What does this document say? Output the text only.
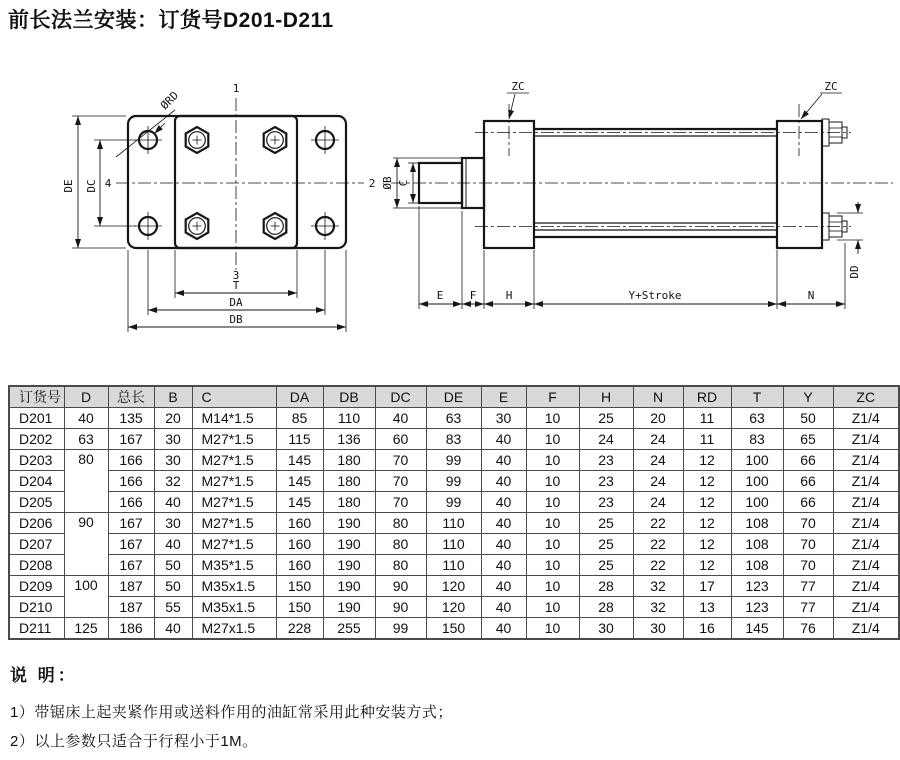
前长法兰安装：订货号D201-D211
1
2
3
4
ØRD
DE DC
T
DA
DB
ZC	ZC
ØB C
DD
E F	H	Y+Stroke	N
订货号	D	总长	B	C	DA	DB	DC	DE	E	F	H	N	RD	T	Y	ZC
D201	40	135	20	M14*1.5	85	110	40	63	30	10	25	20	11	63	50	Z1/4
D202	63	167	30	M27*1.5	115	136	60	83	40	10	24	24	11	83	65	Z1/4
D203	80	166	30	M27*1.5	145	180	70	99	40	10	23	24	12	100	66	Z1/4
D204		166	32	M27*1.5	145	180	70	99	40	10	23	24	12	100	66	Z1/4
D205		166	40	M27*1.5	145	180	70	99	40	10	23	24	12	100	66	Z1/4
D206	90	167	30	M27*1.5	160	190	80	110	40	10	25	22	12	108	70	Z1/4
D207		167	40	M27*1.5	160	190	80	110	40	10	25	22	12	108	70	Z1/4
D208		167	50	M35*1.5	160	190	80	110	40	10	25	22	12	108	70	Z1/4
D209	100	187	50	M35x1.5	150	190	90	120	40	10	28	32	17	123	77	Z1/4
D210		187	55	M35x1.5	150	190	90	120	40	10	28	32	13	123	77	Z1/4
D211	125	186	40	M27x1.5	228	255	99	150	40	10	30	30	16	145	76	Z1/4
说 明：
1）带锯床上起夹紧作用或送料作用的油缸常采用此种安装方式；
2）以上参数只适合于行程小于1M。
